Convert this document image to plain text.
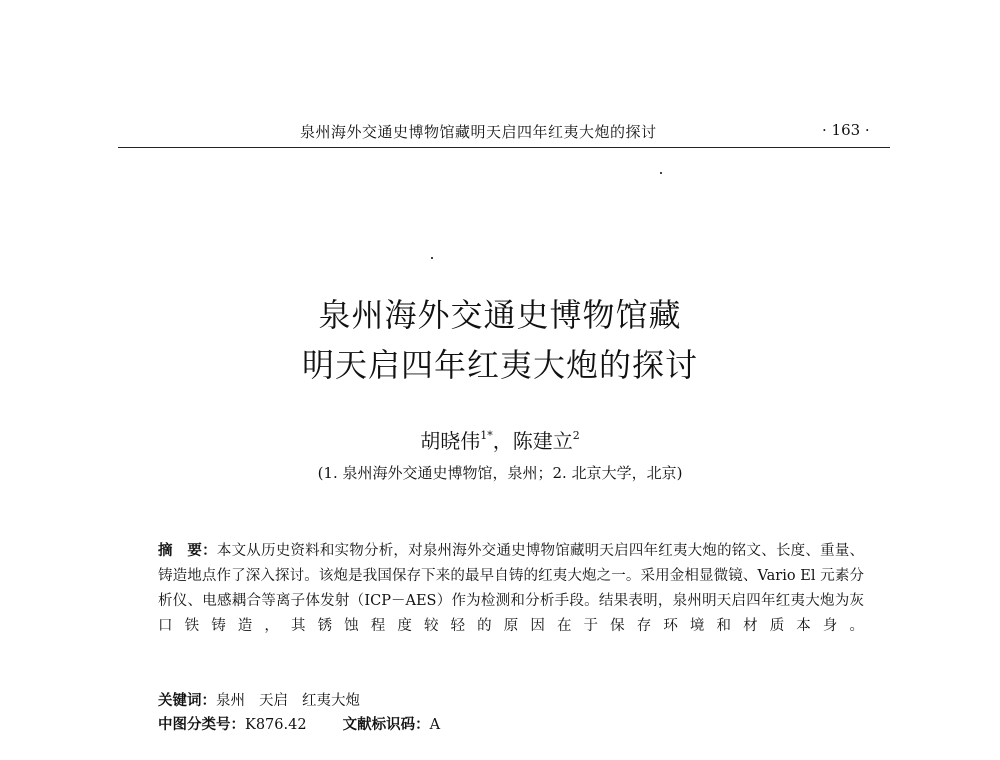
泉州海外交通史博物馆藏明天启四年红夷大炮的探讨	· 163 ·
泉州海外交通史博物馆藏
明天启四年红夷大炮的探讨
胡晓伟$^{1*}$，陈建立$^2$
(1. 泉州海外交通史博物馆，泉州；2. 北京大学，北京)
摘　要：本文从历史资料和实物分析，对泉州海外交通史博物馆藏明天启四年红夷大炮的铭文、长度、重量、铸造地点作了深入探讨。该炮是我国保存下来的最早自铸的红夷大炮之一。采用金相显微镜、Vario El 元素分析仪、电感耦合等离子体发射（ICP－AES）作为检测和分析手段。结果表明，泉州明天启四年红夷大炮为灰口铁铸造，其锈蚀程度较轻的原因在于保存环境和材质本身。
关键词：泉州 天启 红夷大炮
中图分类号：K876.42 文献标识码：A
